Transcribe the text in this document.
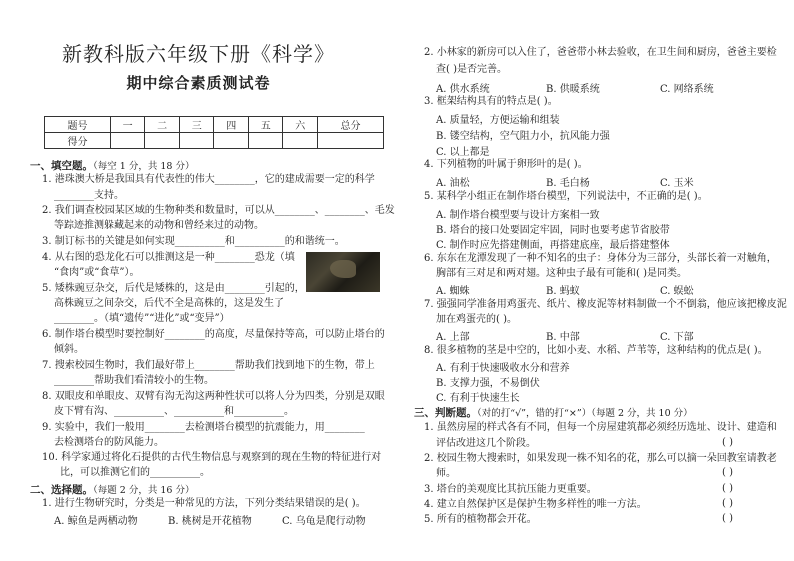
新教科版六年级下册《科学》
期中综合素质测试卷
题号	一	二	三	四	五	六	总分
得分							
一、填空题。（每空 1 分，共 18 分）
1. 港珠澳大桥是我国具有代表性的伟大________，它的建成需要一定的科学
________支持。
2. 我们调查校园某区域的生物种类和数量时，可以从________、________、毛发
等踪迹推测躲藏起来的动物和曾经来过的动物。
3. 制订标书的关键是如何实现__________和__________的和谐统一。
4. 从右图的恐龙化石可以推测这是一种________恐龙（填
“食肉”或“食草”）。
5. 矮株豌豆杂交，后代是矮株的，这是由________引起的，
高株豌豆之间杂交，后代不全是高株的，这是发生了
________。（填“遗传”“进化”或“变异”）
6. 制作塔台模型时要控制好________的高度，尽量保持等高，可以防止塔台的
倾斜。
7. 搜索校园生物时，我们最好带上________帮助我们找到地下的生物，带上
________帮助我们看清较小的生物。
8. 双眼皮和单眼皮、双臂有沟无沟这两种性状可以将人分为四类，分别是双眼
皮下臂有沟、__________、__________和__________。
9. 实验中，我们一般用________去检测塔台模型的抗震能力，用________
去检测塔台的防风能力。
10. 科学家通过将化石提供的古代生物信息与观察到的现在生物的特征进行对
比，可以推测它们的__________。
二、选择题。（每题 2 分，共 16 分）
1. 进行生物研究时，分类是一种常见的方法，下列分类结果错误的是( )。
A. 鲸鱼是两栖动物	B. 桃树是开花植物	C. 乌龟是爬行动物
2. 小林家的新房可以入住了，爸爸带小林去验收，在卫生间和厨房，爸爸主要检
查( )是否完善。
A. 供水系统	B. 供暖系统	C. 网络系统
3. 框架结构具有的特点是( )。
A. 质量轻，方便运输和组装
B. 镂空结构，空气阻力小，抗风能力强
C. 以上都是
4. 下列植物的叶属于卵形叶的是( )。
A. 油松	B. 毛白杨	C. 玉米
5. 某科学小组正在制作塔台模型，下列说法中，不正确的是( )。
A. 制作塔台模型要与设计方案相一致
B. 塔台的接口处要固定牢固，同时也要考虑节省胶带
C. 制作时应先搭建侧面，再搭建底座，最后搭建整体
6. 东东在龙潭发现了一种不知名的虫子：身体分为三部分，头部长着一对触角，
胸部有三对足和两对翅。这种虫子最有可能和( )是同类。
A. 蜘蛛	B. 蚂蚁	C. 蜈蚣
7. 强强同学准备用鸡蛋壳、纸片、橡皮泥等材料制做一个不倒翁，他应该把橡皮泥
加在鸡蛋壳的( )。
A. 上部	B. 中部	C. 下部
8. 很多植物的茎是中空的，比如小麦、水稻、芦苇等，这种结构的优点是( )。
A. 有利于快速吸收水分和营养
B. 支撑力强，不易倒伏
C. 有利于快速生长
三、判断题。（对的打“√”，错的打“×”）（每题 2 分，共 10 分）
1. 虽然房屋的样式各有不同，但每一个房屋建筑都必须经历选址、设计、建造和
评估改进这几个阶段。	( )
2. 校园生物大搜索时，如果发现一株不知名的花，那么可以摘一朵回教室请教老
师。	( )
3. 塔台的美观度比其抗压能力更重要。	( )
4. 建立自然保护区是保护生物多样性的唯一方法。	( )
5. 所有的植物都会开花。	( )
